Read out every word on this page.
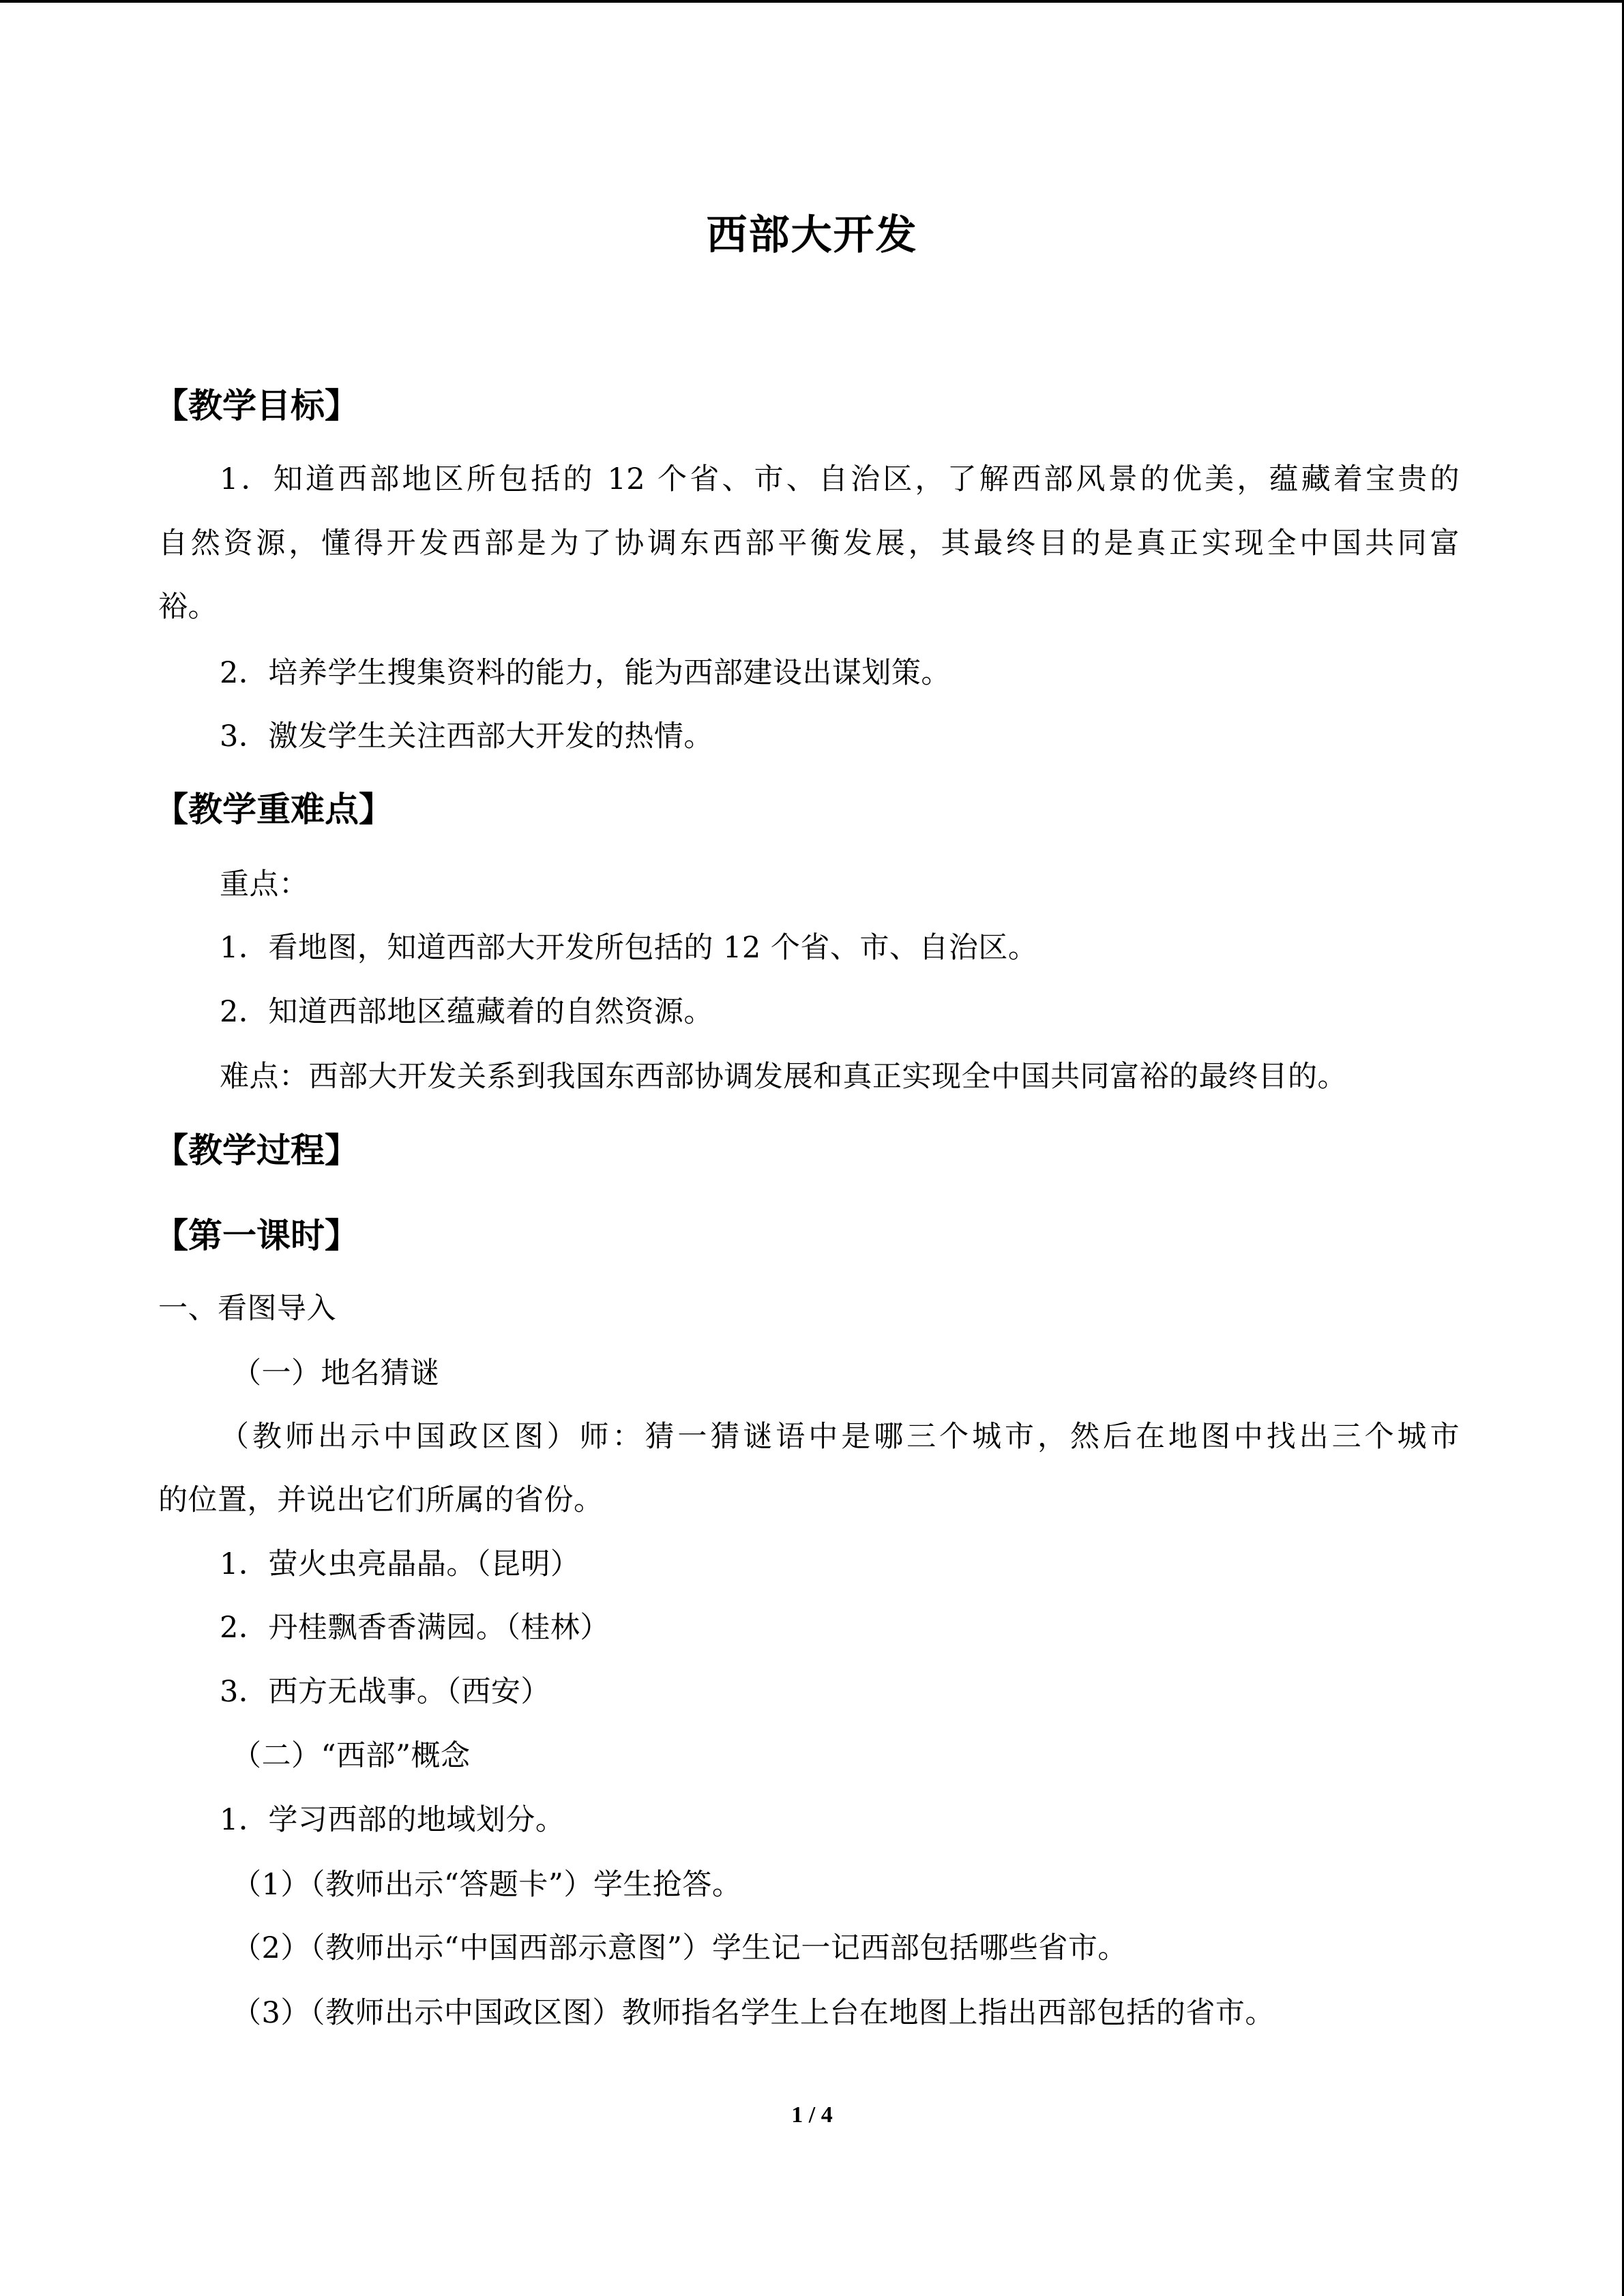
西部大开发
【教学目标】
1．知道西部地区所包括的 12 个省、市、自治区，了解西部风景的优美，蕴藏着宝贵的
自然资源，懂得开发西部是为了协调东西部平衡发展，其最终目的是真正实现全中国共同富
裕。
2．培养学生搜集资料的能力，能为西部建设出谋划策。
3．激发学生关注西部大开发的热情。
【教学重难点】
重点：
1．看地图，知道西部大开发所包括的 12 个省、市、自治区。
2．知道西部地区蕴藏着的自然资源。
难点：西部大开发关系到我国东西部协调发展和真正实现全中国共同富裕的最终目的。
【教学过程】
【第一课时】
一、看图导入
（一）地名猜谜
（教师出示中国政区图）师：猜一猜谜语中是哪三个城市，然后在地图中找出三个城市
的位置，并说出它们所属的省份。
1．萤火虫亮晶晶。（昆明）
2．丹桂飘香香满园。（桂林）
3．西方无战事。（西安）
（二）“西部”概念
1．学习西部的地域划分。
（1）（教师出示“答题卡”）学生抢答。
（2）（教师出示“中国西部示意图”）学生记一记西部包括哪些省市。
（3）（教师出示中国政区图）教师指名学生上台在地图上指出西部包括的省市。
1 / 4
